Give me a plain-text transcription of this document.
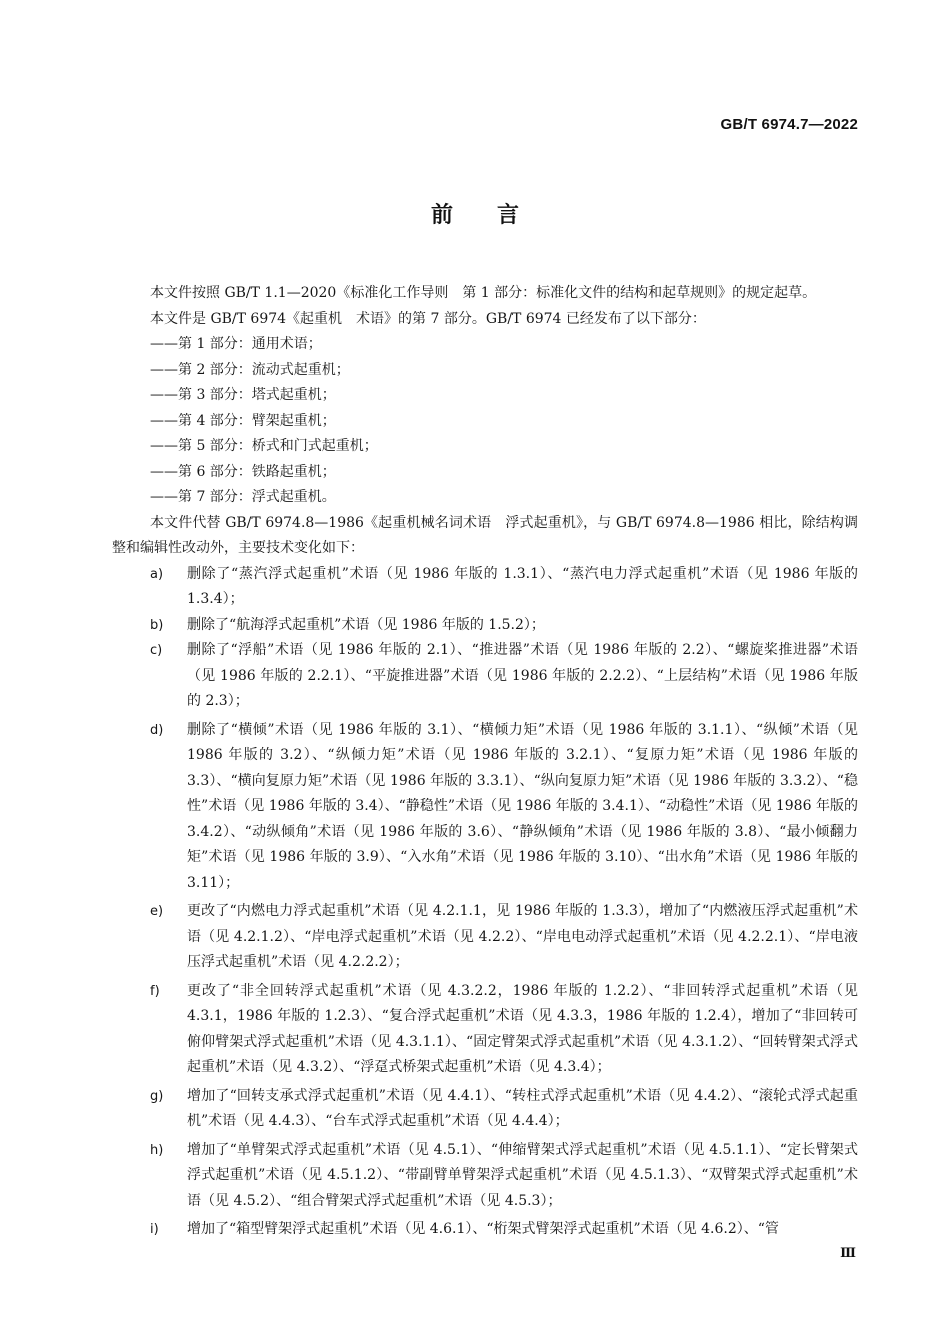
GB/T 6974.7—2022
前言

本文件按照 GB/T 1.1—2020《标准化工作导则　第 1 部分：标准化文件的结构和起草规则》的规定起草。

本文件是 GB/T 6974《起重机　术语》的第 7 部分。GB/T 6974 已经发布了以下部分：

——第 1 部分：通用术语；

——第 2 部分：流动式起重机；

——第 3 部分：塔式起重机；

——第 4 部分：臂架起重机；

——第 5 部分：桥式和门式起重机；

——第 6 部分：铁路起重机；

——第 7 部分：浮式起重机。

本文件代替 GB/T 6974.8—1986《起重机械名词术语　浮式起重机》，与 GB/T 6974.8—1986 相比，除结构调整和编辑性改动外，主要技术变化如下：

a)	删除了“蒸汽浮式起重机”术语（见 1986 年版的 1.3.1）、“蒸汽电力浮式起重机”术语（见 1986 年版的 1.3.4）；
b)	删除了“航海浮式起重机”术语（见 1986 年版的 1.5.2）；
c)	删除了“浮船”术语（见 1986 年版的 2.1）、“推进器”术语（见 1986 年版的 2.2）、“螺旋桨推进器”术语（见 1986 年版的 2.2.1）、“平旋推进器”术语（见 1986 年版的 2.2.2）、“上层结构”术语（见 1986 年版的 2.3）；
d)	删除了“横倾”术语（见 1986 年版的 3.1）、“横倾力矩”术语（见 1986 年版的 3.1.1）、“纵倾”术语（见 1986 年版的 3.2）、“纵倾力矩”术语（见 1986 年版的 3.2.1）、“复原力矩”术语（见 1986 年版的 3.3）、“横向复原力矩”术语（见 1986 年版的 3.3.1）、“纵向复原力矩”术语（见 1986 年版的 3.3.2）、“稳性”术语（见 1986 年版的 3.4）、“静稳性”术语（见 1986 年版的 3.4.1）、“动稳性”术语（见 1986 年版的 3.4.2）、“动纵倾角”术语（见 1986 年版的 3.6）、“静纵倾角”术语（见 1986 年版的 3.8）、“最小倾翻力矩”术语（见 1986 年版的 3.9）、“入水角”术语（见 1986 年版的 3.10）、“出水角”术语（见 1986 年版的 3.11）；
e)	更改了“内燃电力浮式起重机”术语（见 4.2.1.1，见 1986 年版的 1.3.3），增加了“内燃液压浮式起重机”术语（见 4.2.1.2）、“岸电浮式起重机”术语（见 4.2.2）、“岸电电动浮式起重机”术语（见 4.2.2.1）、“岸电液压浮式起重机”术语（见 4.2.2.2）；
f)	更改了“非全回转浮式起重机”术语（见 4.3.2.2，1986 年版的 1.2.2）、“非回转浮式起重机”术语（见 4.3.1，1986 年版的 1.2.3）、“复合浮式起重机”术语（见 4.3.3，1986 年版的 1.2.4），增加了“非回转可俯仰臂架式浮式起重机”术语（见 4.3.1.1）、“固定臂架式浮式起重机”术语（见 4.3.1.2）、“回转臂架式浮式起重机”术语（见 4.3.2）、“浮趸式桥架式起重机”术语（见 4.3.4）；
g)	增加了“回转支承式浮式起重机”术语（见 4.4.1）、“转柱式浮式起重机”术语（见 4.4.2）、“滚轮式浮式起重机”术语（见 4.4.3）、“台车式浮式起重机”术语（见 4.4.4）；
h)	增加了“单臂架式浮式起重机”术语（见 4.5.1）、“伸缩臂架式浮式起重机”术语（见 4.5.1.1）、“定长臂架式浮式起重机”术语（见 4.5.1.2）、“带副臂单臂架浮式起重机”术语（见 4.5.1.3）、“双臂架式浮式起重机”术语（见 4.5.2）、“组合臂架式浮式起重机”术语（见 4.5.3）；
i)	增加了“箱型臂架浮式起重机”术语（见 4.6.1）、“桁架式臂架浮式起重机”术语（见 4.6.2）、“管
Ⅲ
